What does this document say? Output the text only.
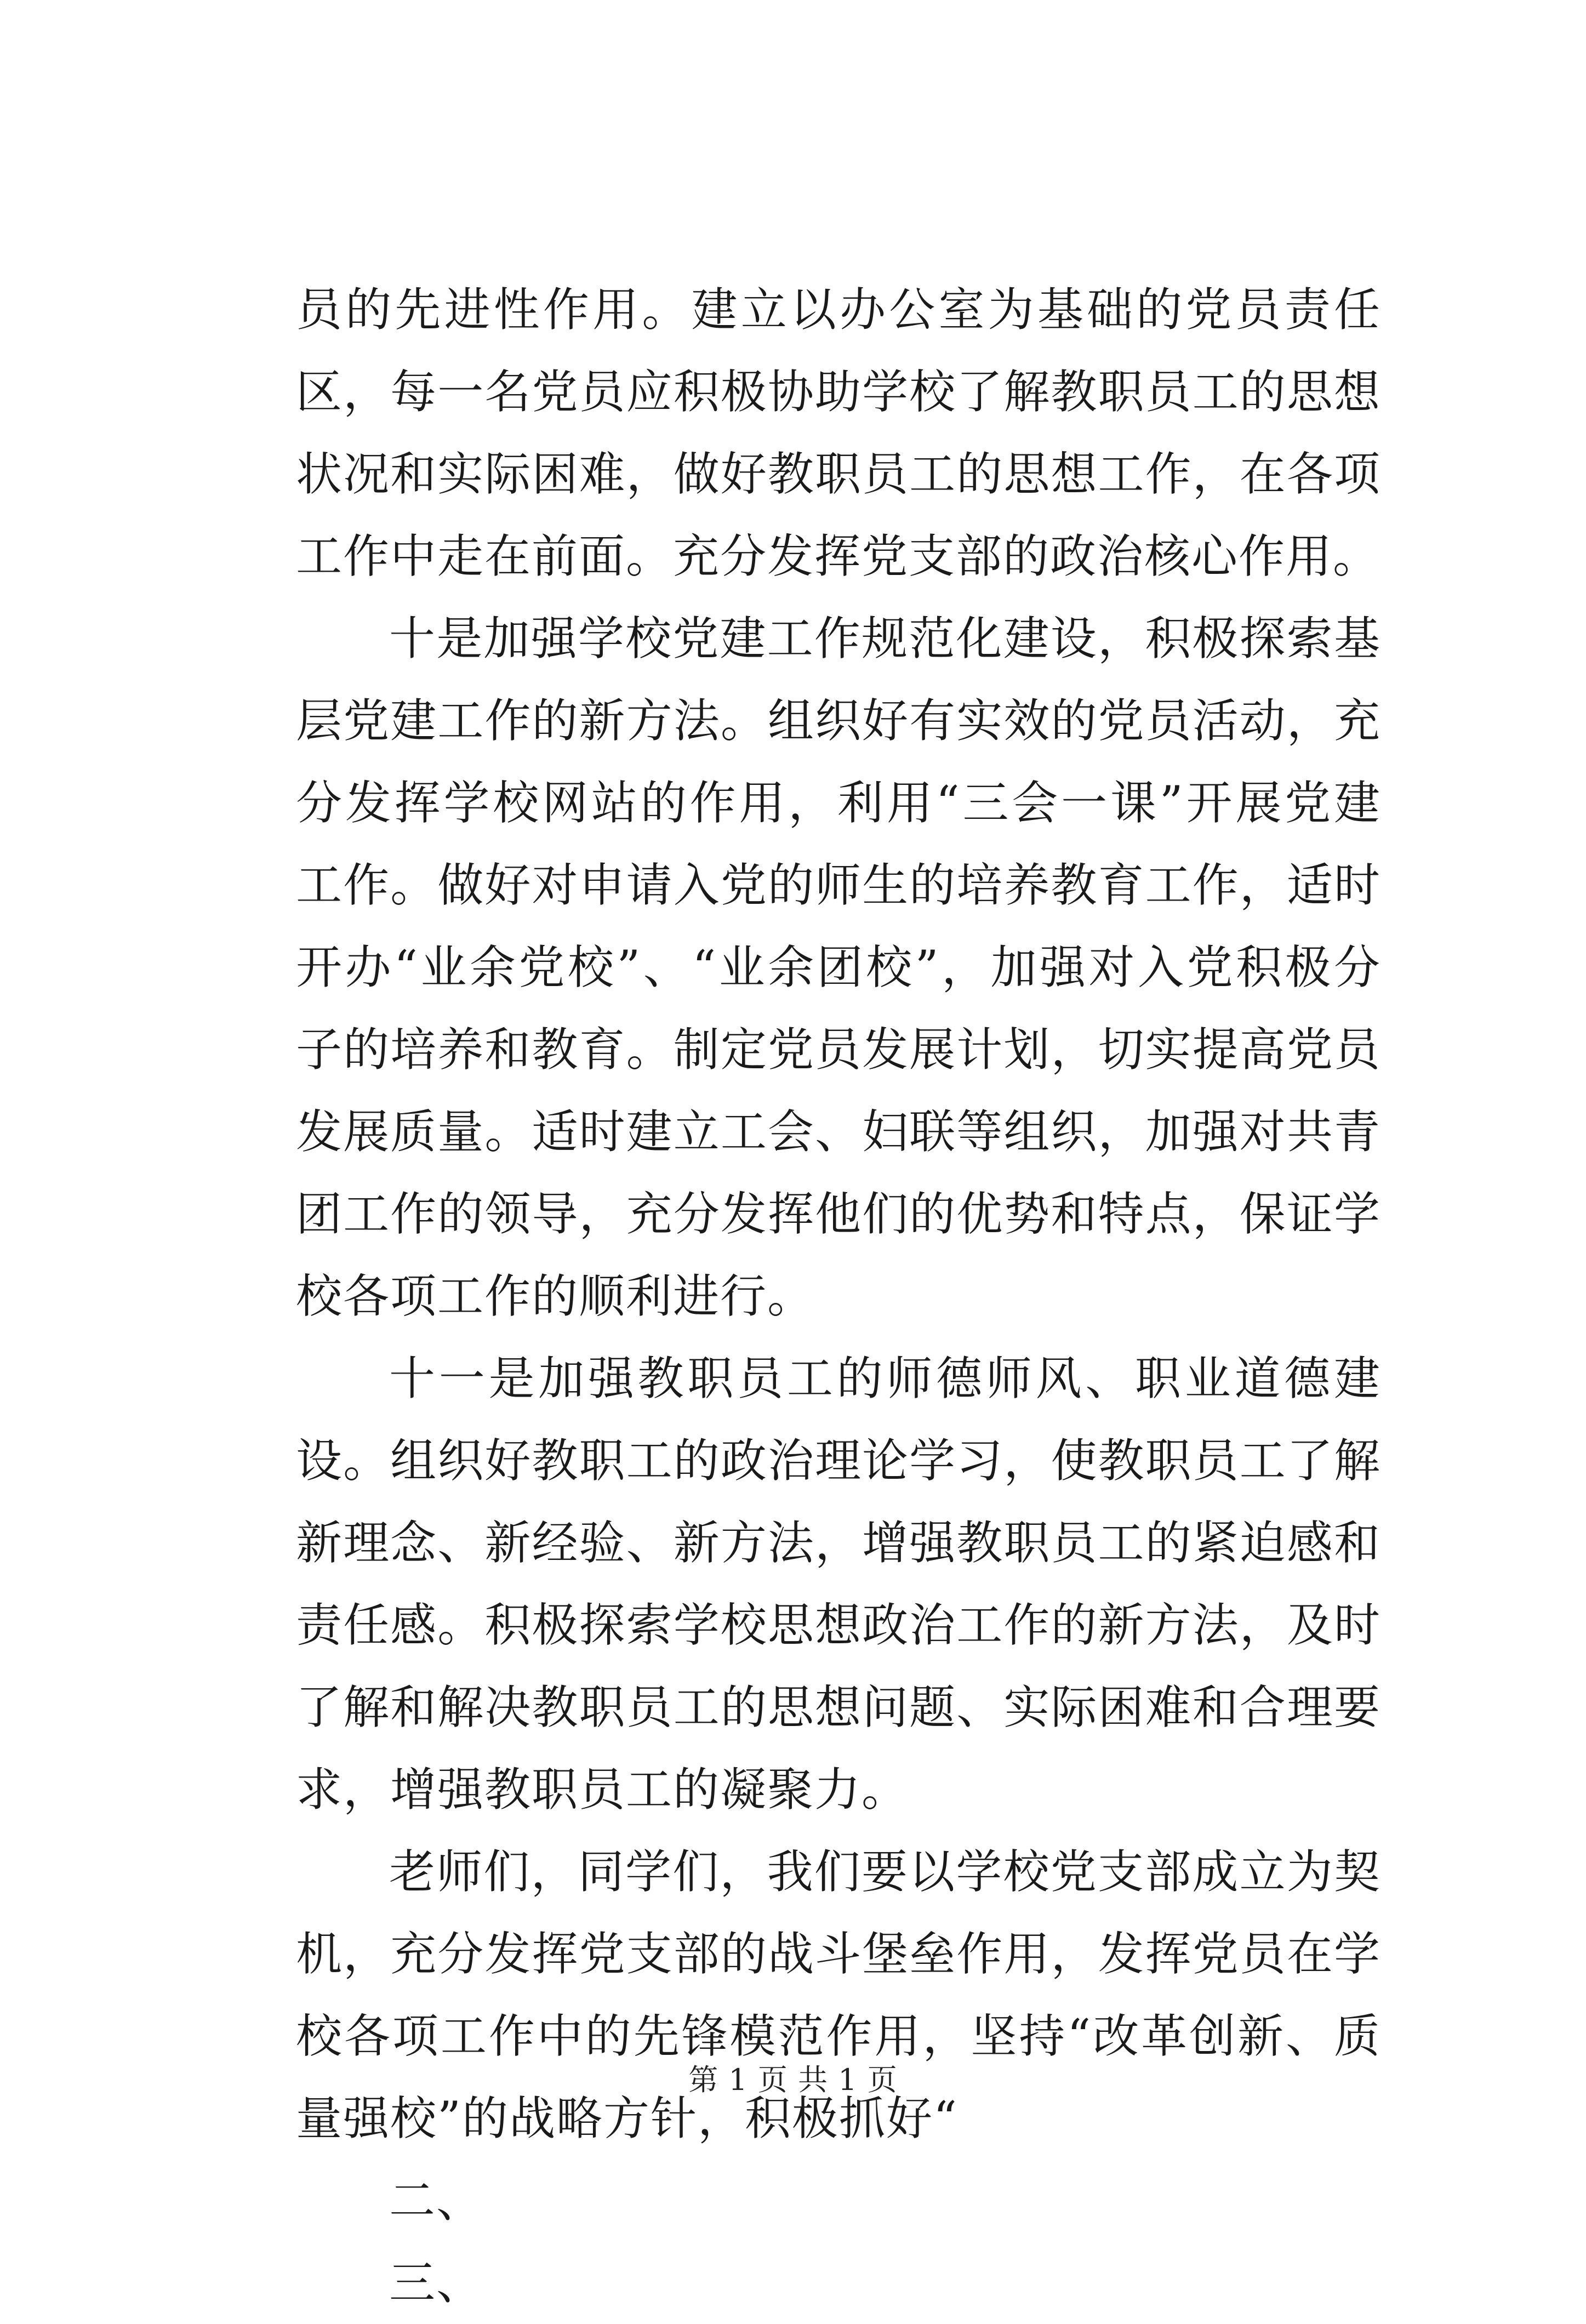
员的先进性作用。建立以办公室为基础的党员责任区，每一名党员应积极协助学校了解教职员工的思想状况和实际困难，做好教职员工的思想工作，在各项工作中走在前面。充分发挥党支部的政治核心作用。

十是加强学校党建工作规范化建设，积极探索基层党建工作的新方法。组织好有实效的党员活动，充分发挥学校网站的作用，利用“三会一课”开展党建工作。做好对申请入党的师生的培养教育工作，适时开办“业余党校”、“业余团校”，加强对入党积极分子的培养和教育。制定党员发展计划，切实提高党员发展质量。适时建立工会、妇联等组织，加强对共青团工作的领导，充分发挥他们的优势和特点，保证学校各项工作的顺利进行。

十一是加强教职员工的师德师风、职业道德建设。组织好教职工的政治理论学习，使教职员工了解新理念、新经验、新方法，增强教职员工的紧迫感和责任感。积极探索学校思想政治工作的新方法，及时了解和解决教职员工的思想问题、实际困难和合理要求，增强教职员工的凝聚力。

老师们，同学们，我们要以学校党支部成立为契机，充分发挥党支部的战斗堡垒作用，发挥党员在学校各项工作中的先锋模范作用，坚持“改革创新、质量强校”的战略方针，积极抓好“

二、

三、

第 1 页 共 1 页
